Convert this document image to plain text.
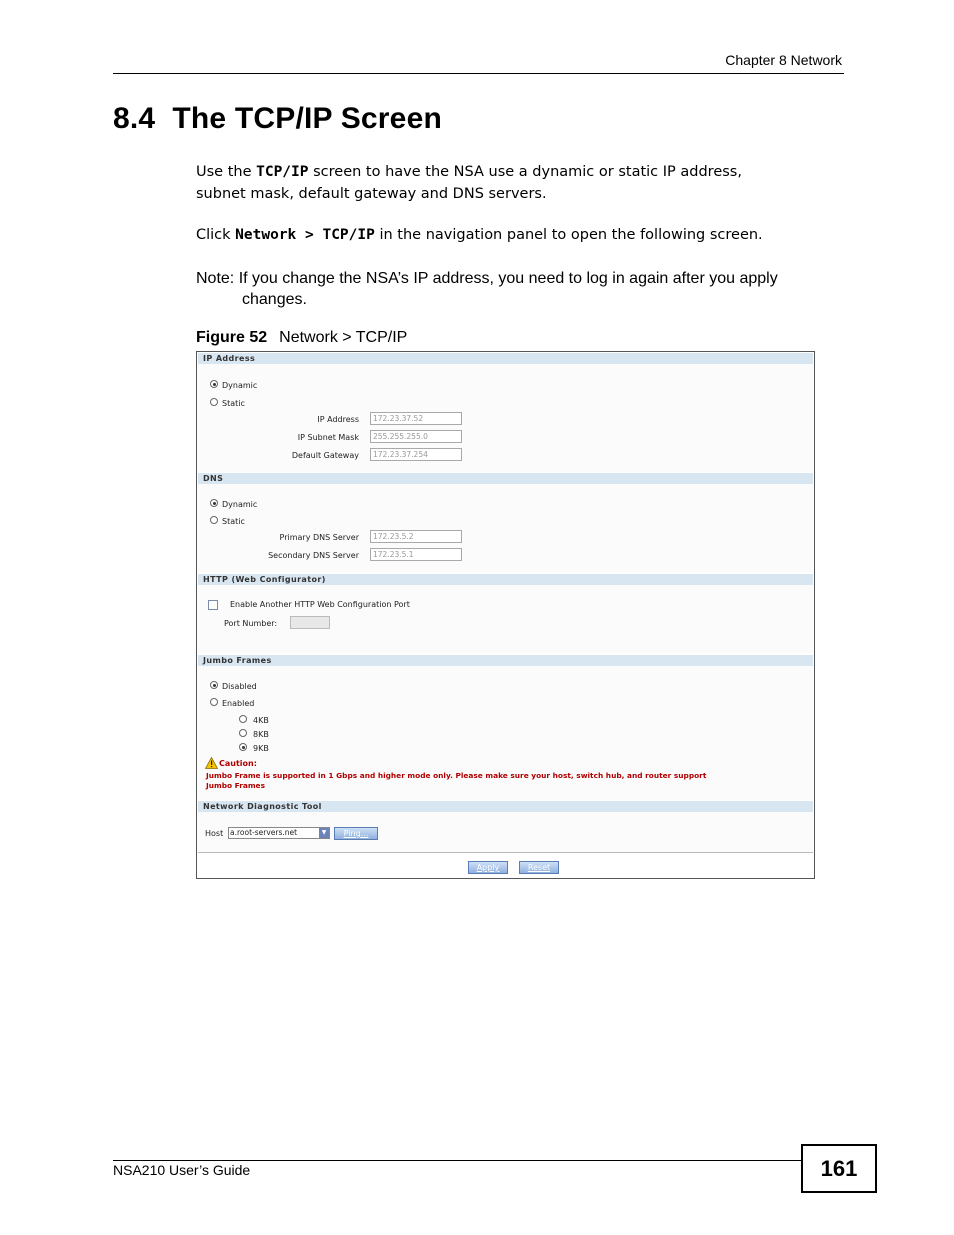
Chapter 8 Network
8.4  The TCP/IP Screen
Use the TCP/IP screen to have the NSA use a dynamic or static IP address,
subnet mask, default gateway and DNS servers.
Click Network > TCP/IP in the navigation panel to open the following screen.
Note: If you change the NSA’s IP address, you need to log in again after you apply
changes.
Figure 52 Network > TCP/IP
IP Address
Dynamic
Static
IP Address	172.23.37.52
IP Subnet Mask	255.255.255.0
Default Gateway	172.23.37.254
DNS
Dynamic
Static
Primary DNS Server	172.23.5.2
Secondary DNS Server	172.23.5.1
HTTP (Web Configurator)
Enable Another HTTP Web Configuration Port
Port Number:
Jumbo Frames
Disabled
Enabled
4KB
8KB
9KB
Caution:
Jumbo Frame is supported in 1 Gbps and higher mode only. Please make sure your host, switch hub, and router support
Jumbo Frames
Network Diagnostic Tool
Host a.root-servers.net	▼	Ping...
Apply	Reset
NSA210 User’s Guide	161
